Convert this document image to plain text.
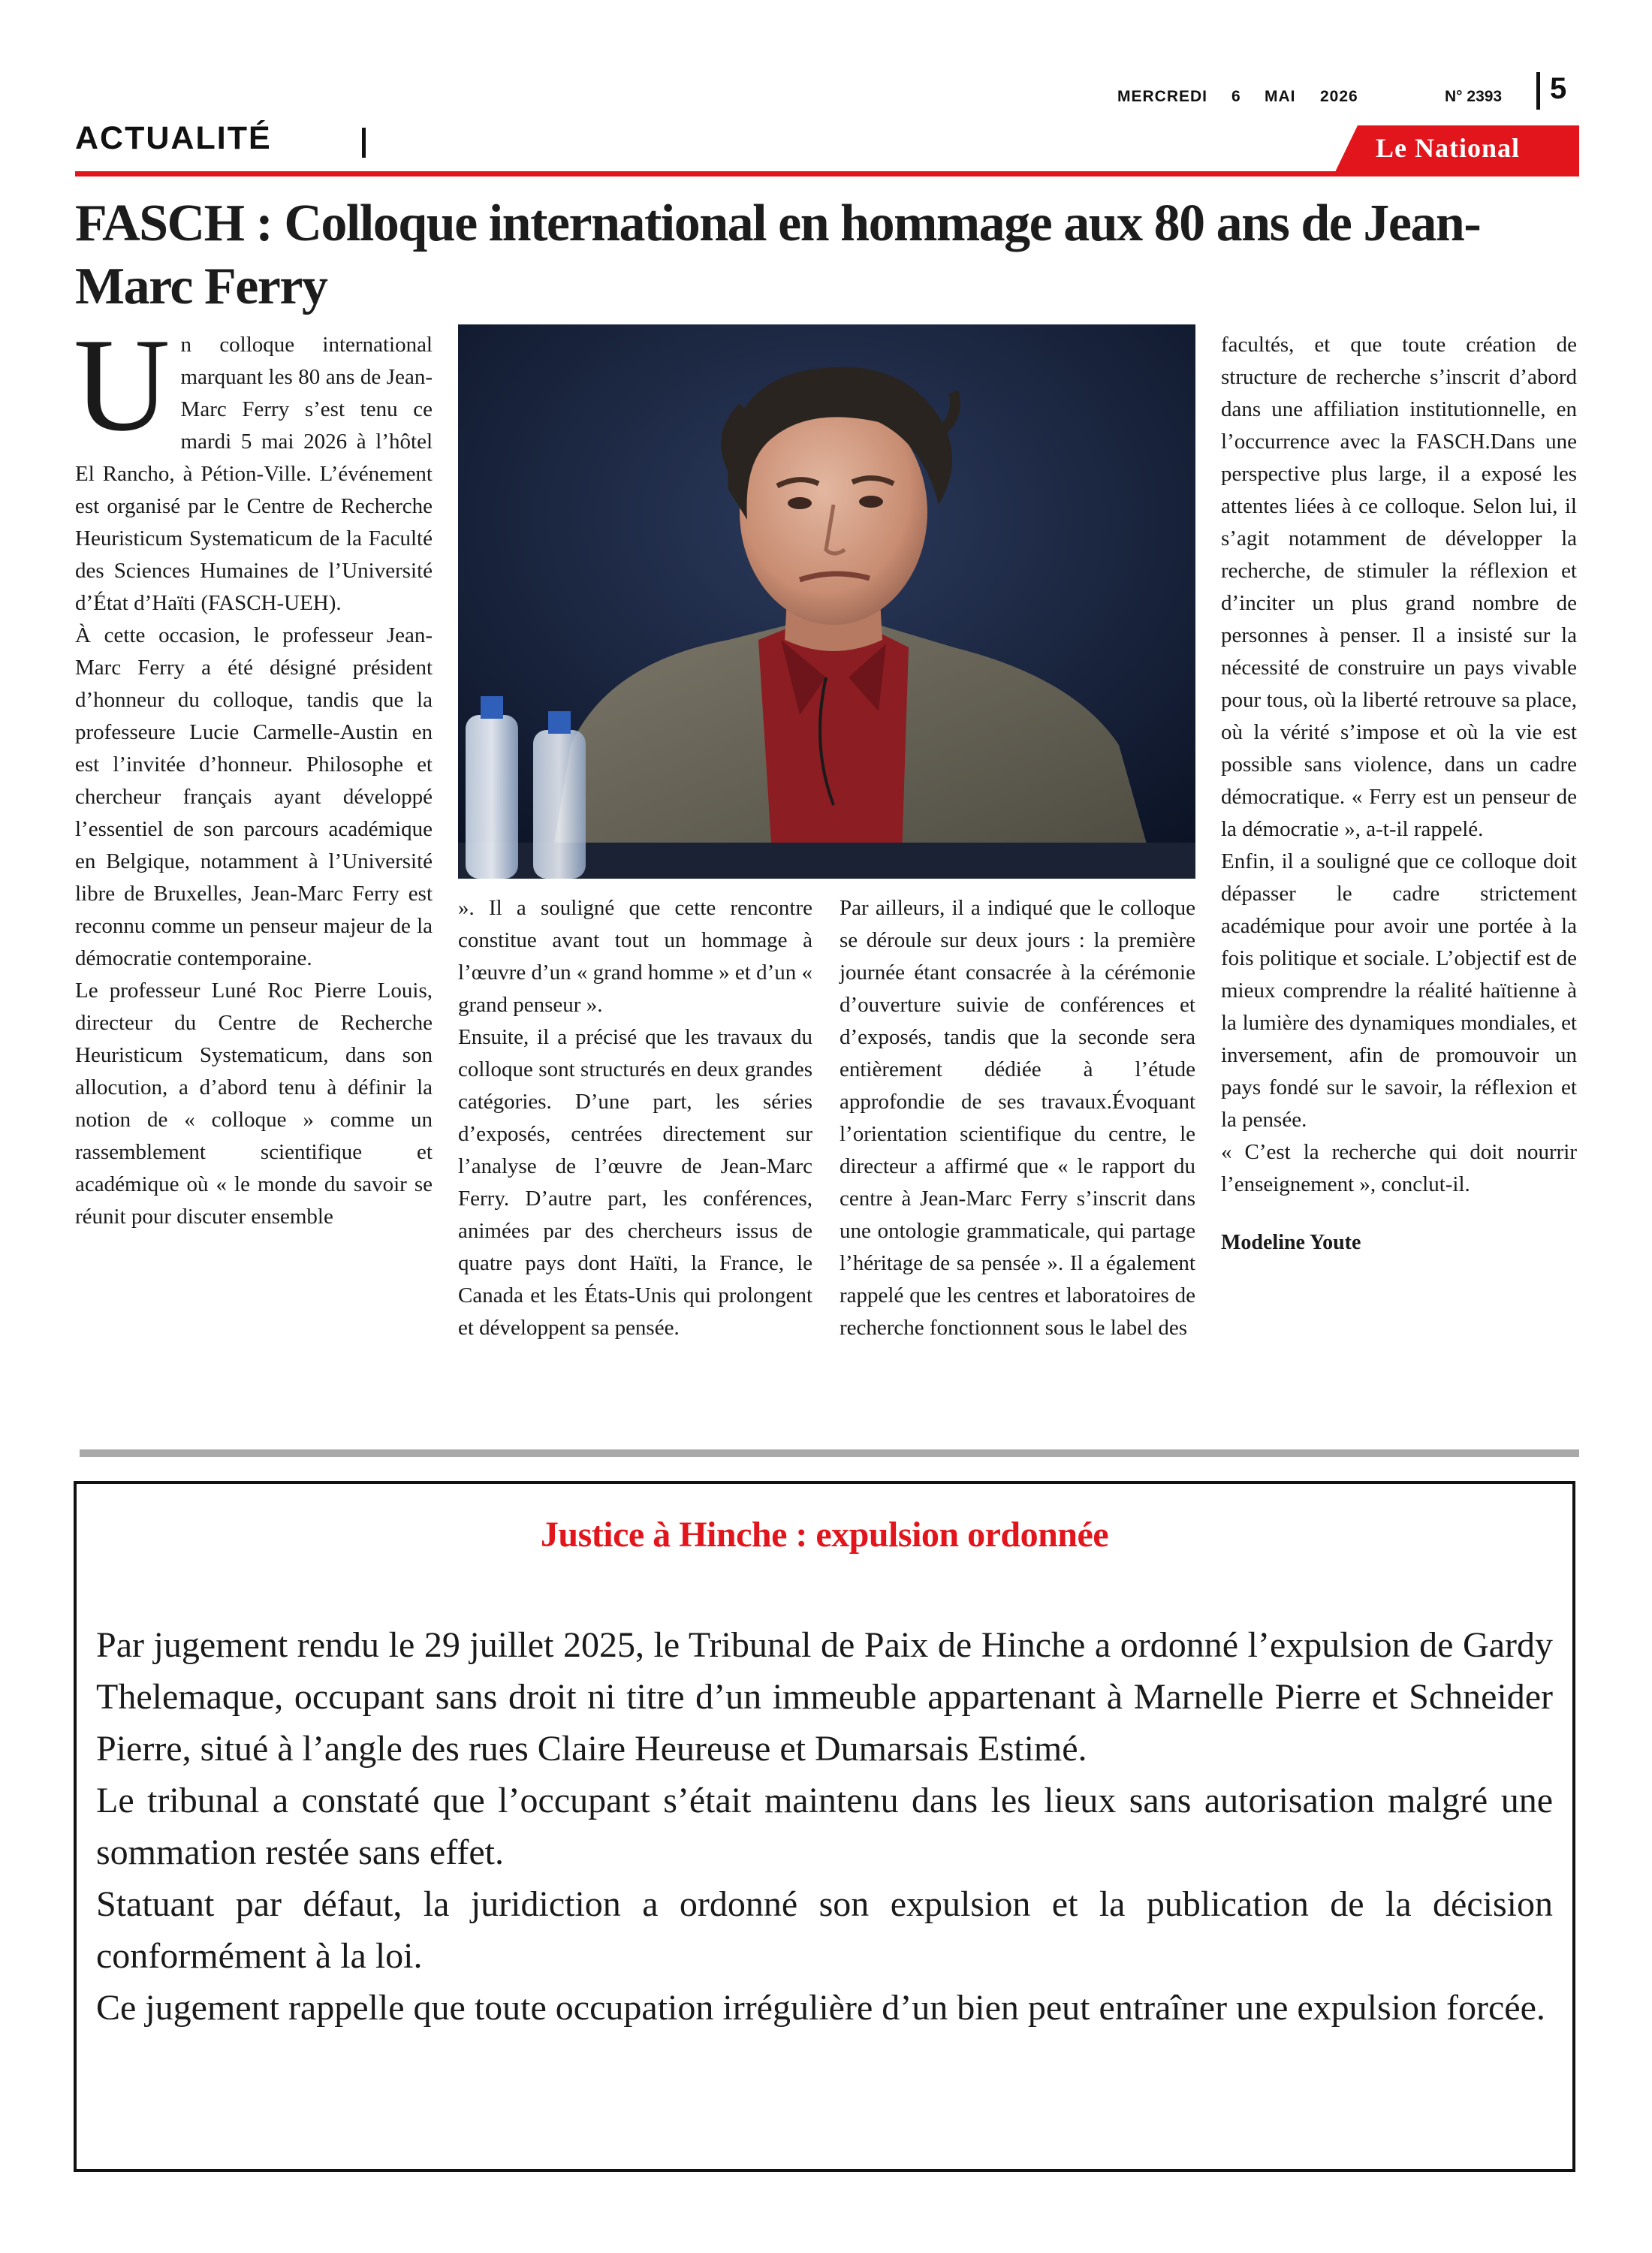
MERCREDI 6 MAI 2026	N° 2393 5
ACTUALITÉ	Le National
FASCH : Colloque international en hommage aux 80 ans de Jean-Marc Ferry

Un colloque international marquant les 80 ans de Jean-Marc Ferry s’est tenu ce mardi 5 mai 2026 à l’hôtel El Rancho, à Pétion-Ville. L’événement est organisé par le Centre de Recherche Heuristicum Systematicum de la Faculté des Sciences Humaines de l’Université d’État d’Haïti (FASCH-UEH).

À cette occasion, le professeur Jean-Marc Ferry a été désigné président d’honneur du colloque, tandis que la professeure Lucie Carmelle-Austin en est l’invitée d’honneur. Philosophe et chercheur français ayant développé l’essentiel de son parcours académique en Belgique, notamment à l’Université libre de Bruxelles, Jean-Marc Ferry est reconnu comme un penseur majeur de la démocratie contemporaine.

Le professeur Luné Roc Pierre Louis, directeur du Centre de Recherche Heuristicum Systematicum, dans son allocution, a d’abord tenu à définir la notion de « colloque » comme un rassemblement scientifique et académique où « le monde du savoir se réunit pour discuter ensemble

». Il a souligné que cette rencontre constitue avant tout un hommage à l’œuvre d’un « grand homme » et d’un « grand penseur ».

Ensuite, il a précisé que les travaux du colloque sont structurés en deux grandes catégories. D’une part, les séries d’exposés, centrées directement sur l’analyse de l’œuvre de Jean-Marc Ferry. D’autre part, les conférences, animées par des chercheurs issus de quatre pays dont Haïti, la France, le Canada et les États-Unis qui prolongent et développent sa pensée.

Par ailleurs, il a indiqué que le colloque se déroule sur deux jours : la première journée étant consacrée à la cérémonie d’ouverture suivie de conférences et d’exposés, tandis que la seconde sera entièrement dédiée à l’étude approfondie de ses travaux.Évoquant l’orientation scientifique du centre, le directeur a affirmé que « le rapport du centre à Jean-Marc Ferry s’inscrit dans une ontologie grammaticale, qui partage l’héritage de sa pensée ». Il a également rappelé que les centres et laboratoires de recherche fonctionnent sous le label des

facultés, et que toute création de structure de recherche s’inscrit d’abord dans une affiliation institutionnelle, en l’occurrence avec la FASCH.Dans une perspective plus large, il a exposé les attentes liées à ce colloque. Selon lui, il s’agit notamment de développer la recherche, de stimuler la réflexion et d’inciter un plus grand nombre de personnes à penser. Il a insisté sur la nécessité de construire un pays vivable pour tous, où la liberté retrouve sa place, où la vérité s’impose et où la vie est possible sans violence, dans un cadre démocratique. « Ferry est un penseur de la démocratie », a-t-il rappelé.

Enfin, il a souligné que ce colloque doit dépasser le cadre strictement académique pour avoir une portée à la fois politique et sociale. L’objectif est de mieux comprendre la réalité haïtienne à la lumière des dynamiques mondiales, et inversement, afin de promouvoir un pays fondé sur le savoir, la réflexion et la pensée.

« C’est la recherche qui doit nourrir l’enseignement », conclut-il.

Modeline Youte

Justice à Hinche : expulsion ordonnée

Par jugement rendu le 29 juillet 2025, le Tribunal de Paix de Hinche a ordonné l’expulsion de Gardy Thelemaque, occupant sans droit ni titre d’un immeuble appartenant à Marnelle Pierre et Schneider Pierre, situé à l’angle des rues Claire Heureuse et Dumarsais Estimé.

Le tribunal a constaté que l’occupant s’était maintenu dans les lieux sans autorisation malgré une sommation restée sans effet.

Statuant par défaut, la juridiction a ordonné son expulsion et la publication de la décision conformément à la loi.

Ce jugement rappelle que toute occupation irrégulière d’un bien peut entraîner une expulsion forcée.
